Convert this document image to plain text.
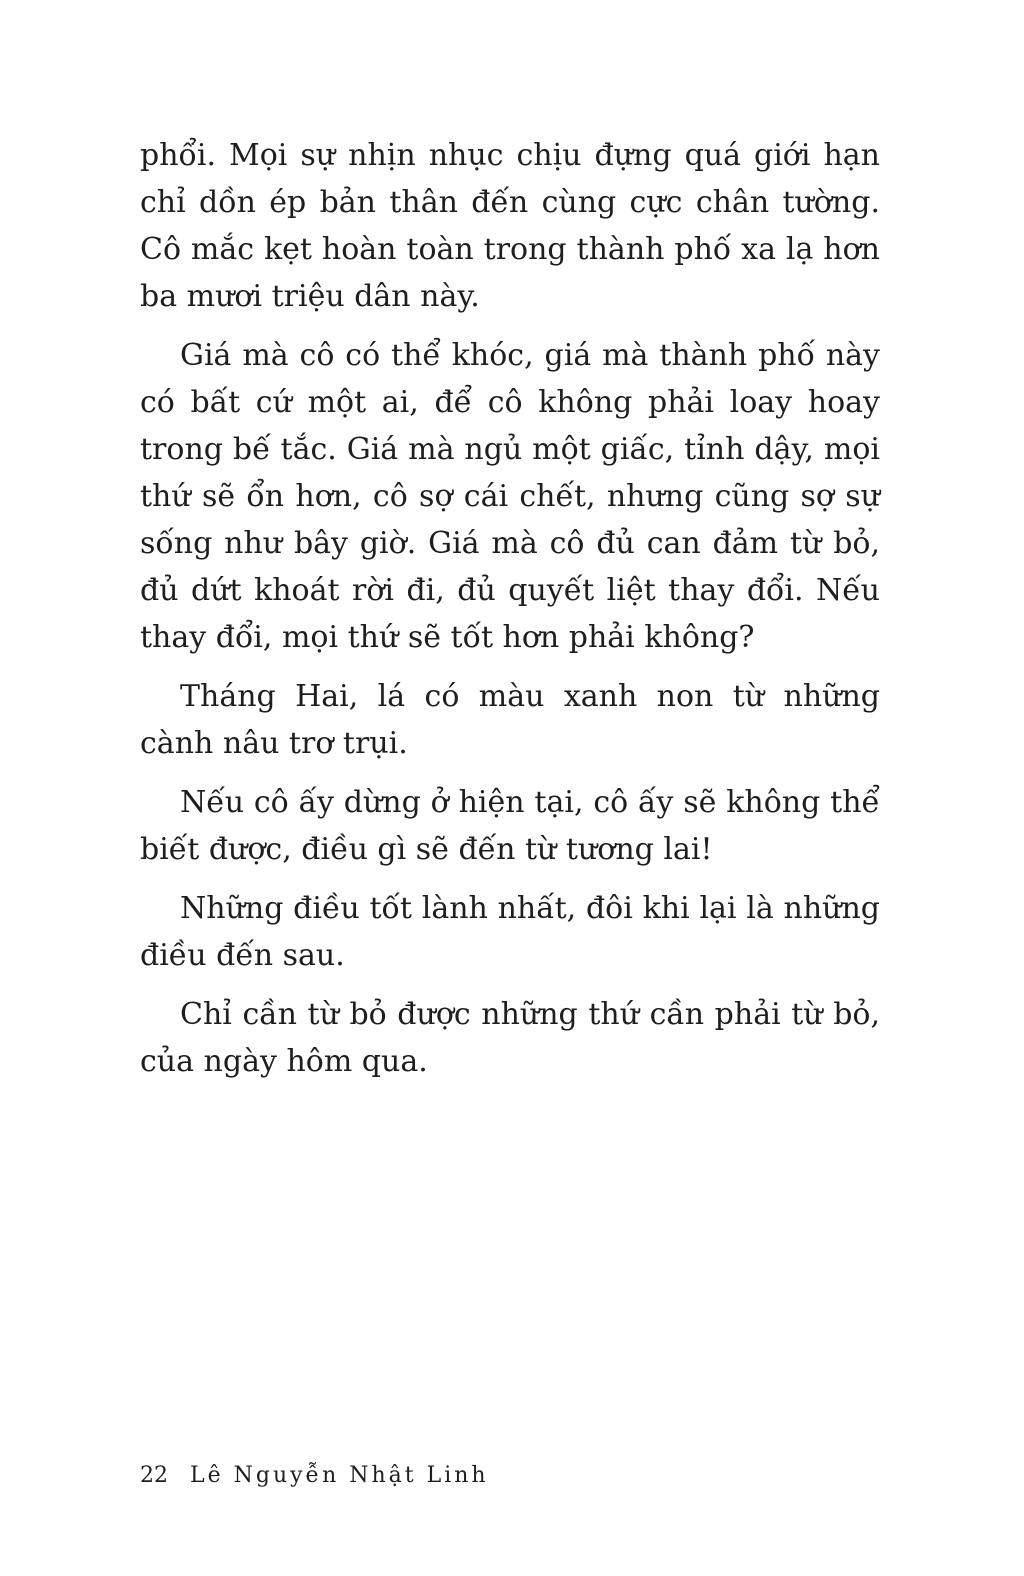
phổi. Mọi sự nhịn nhục chịu đựng quá giới hạn chỉ dồn ép bản thân đến cùng cực chân tường. Cô mắc kẹt hoàn toàn trong thành phố xa lạ hơn ba mươi triệu dân này.

Giá mà cô có thể khóc, giá mà thành phố này có bất cứ một ai, để cô không phải loay hoay trong bế tắc. Giá mà ngủ một giấc, tỉnh dậy, mọi thứ sẽ ổn hơn, cô sợ cái chết, nhưng cũng sợ sự sống như bây giờ. Giá mà cô đủ can đảm từ bỏ, đủ dứt khoát rời đi, đủ quyết liệt thay đổi. Nếu thay đổi, mọi thứ sẽ tốt hơn phải không?

Tháng Hai, lá có màu xanh non từ những cành nâu trơ trụi.

Nếu cô ấy dừng ở hiện tại, cô ấy sẽ không thể biết được, điều gì sẽ đến từ tương lai!

Những điều tốt lành nhất, đôi khi lại là những điều đến sau.

Chỉ cần từ bỏ được những thứ cần phải từ bỏ, của ngày hôm qua.

22 Lê Nguyễn Nhật Linh
